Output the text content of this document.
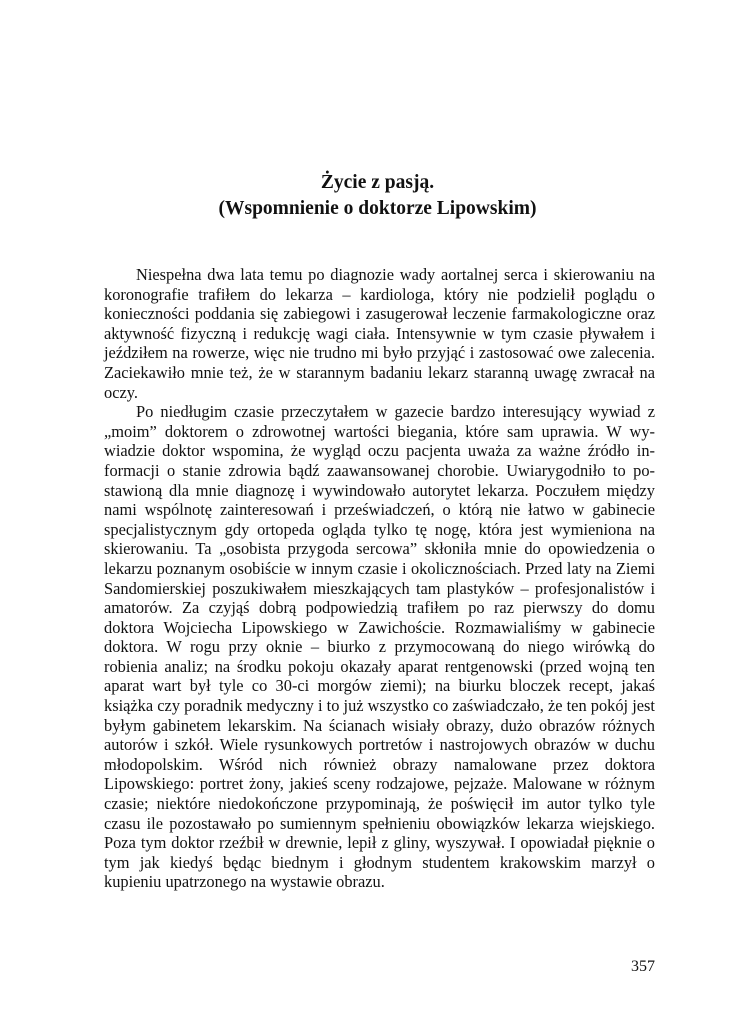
Życie z pasją.
(Wspomnienie o doktorze Lipowskim)

Niespełna dwa lata temu po diagnozie wady aortalnej serca i skierowaniu na koronografie trafiłem do lekarza – kardiologa, który nie podzielił poglądu o konieczności poddania się zabiegowi i zasugerował leczenie farmakologiczne oraz aktywność fizyczną i redukcję wagi ciała. Intensywnie w tym czasie pływałem i jeździłem na rowerze, więc nie trudno mi było przyjąć i zastosować owe zalecenia. Zaciekawiło mnie też, że w starannym badaniu lekarz staranną uwagę zwracał na oczy.

Po niedługim czasie przeczytałem w gazecie bardzo interesujący wywiad z „moim” doktorem o zdrowotnej wartości biegania, które sam uprawia. W wywiadzie doktor wspomina, że wygląd oczu pacjenta uważa za ważne źródło informacji o stanie zdrowia bądź zaawansowanej chorobie. Uwiarygodniło to postawioną dla mnie diagnozę i wywindowało autorytet lekarza. Poczułem między nami wspólnotę zainteresowań i przeświadczeń, o którą nie łatwo w gabinecie specjalistycznym gdy ortopeda ogląda tylko tę nogę, która jest wymieniona na skierowaniu. Ta „osobista przygoda sercowa” skłoniła mnie do opowiedzenia o lekarzu poznanym osobiście w innym czasie i okolicznościach. Przed laty na Ziemi Sandomierskiej poszukiwałem mieszkających tam plastyków – profesjonalistów i amatorów. Za czyjąś dobrą podpowiedzią trafiłem po raz pierwszy do domu doktora Wojciecha Lipowskiego w Zawichoście. Rozmawialiśmy w gabinecie doktora. W rogu przy oknie – biurko z przymocowaną do niego wirówką do robienia analiz; na środku pokoju okazały aparat rentgenowski (przed wojną ten aparat wart był tyle co 30-ci morgów ziemi); na biurku bloczek recept, jakaś książka czy poradnik medyczny i to już wszystko co zaświadczało, że ten pokój jest byłym gabinetem lekarskim. Na ścianach wisiały obrazy, dużo obrazów różnych autorów i szkół. Wiele rysunkowych portretów i nastrojowych obrazów w duchu młodopolskim. Wśród nich również obrazy namalowane przez doktora Lipowskiego: portret żony, jakieś sceny rodzajowe, pejzaże. Malowane w różnym czasie; niektóre niedokończone przypominają, że poświęcił im autor tylko tyle czasu ile pozostawało po sumiennym spełnieniu obowiązków lekarza wiejskiego. Poza tym doktor rzeźbił w drewnie, lepił z gliny, wyszywał. I opowiadał pięknie o tym jak kiedyś będąc biednym i głodnym studentem krakowskim marzył o kupieniu upatrzonego na wystawie obrazu.

357
